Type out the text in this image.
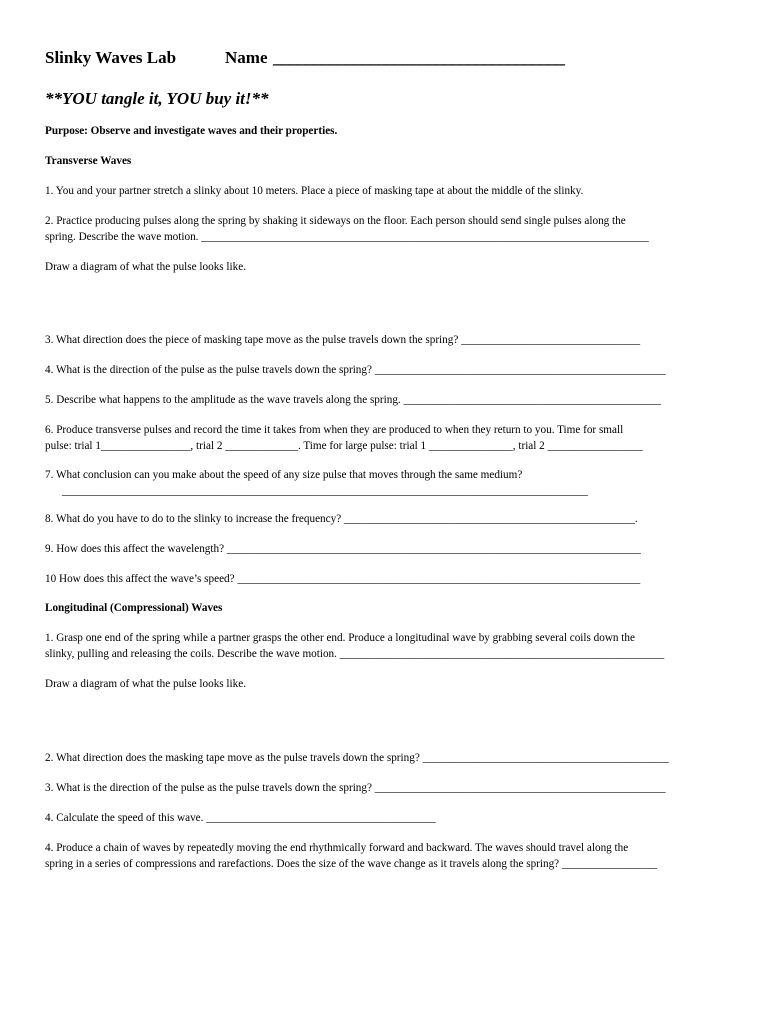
Slinky Waves Lab	Name ____________________________________
**YOU tangle it, YOU buy it!**
Purpose: Observe and investigate waves and their properties.
Transverse Waves
1. You and your partner stretch a slinky about 10 meters. Place a piece of masking tape at about the middle of the slinky.
2. Practice producing pulses along the spring by shaking it sideways on the floor. Each person should send single pulses along the
spring. Describe the wave motion. ________________________________________________________________________________
Draw a diagram of what the pulse looks like.
3. What direction does the piece of masking tape move as the pulse travels down the spring? ________________________________
4. What is the direction of the pulse as the pulse travels down the spring? ____________________________________________________
5. Describe what happens to the amplitude as the wave travels along the spring. ______________________________________________
6. Produce transverse pulses and record the time it takes from when they are produced to when they return to you. Time for small
pulse: trial 1________________, trial 2 _____________. Time for large pulse: trial 1 _______________, trial 2 _________________
7. What conclusion can you make about the speed of any size pulse that moves through the same medium?
______________________________________________________________________________________________
8. What do you have to do to the slinky to increase the frequency? ____________________________________________________.
9. How does this affect the wavelength? __________________________________________________________________________
10 How does this affect the wave’s speed? ________________________________________________________________________
Longitudinal (Compressional) Waves
1. Grasp one end of the spring while a partner grasps the other end. Produce a longitudinal wave by grabbing several coils down the
slinky, pulling and releasing the coils. Describe the wave motion. __________________________________________________________
Draw a diagram of what the pulse looks like.
2. What direction does the masking tape move as the pulse travels down the spring? ____________________________________________
3. What is the direction of the pulse as the pulse travels down the spring? ____________________________________________________
4. Calculate the speed of this wave. _________________________________________
4. Produce a chain of waves by repeatedly moving the end rhythmically forward and backward. The waves should travel along the
spring in a series of compressions and rarefactions. Does the size of the wave change as it travels along the spring? _________________
